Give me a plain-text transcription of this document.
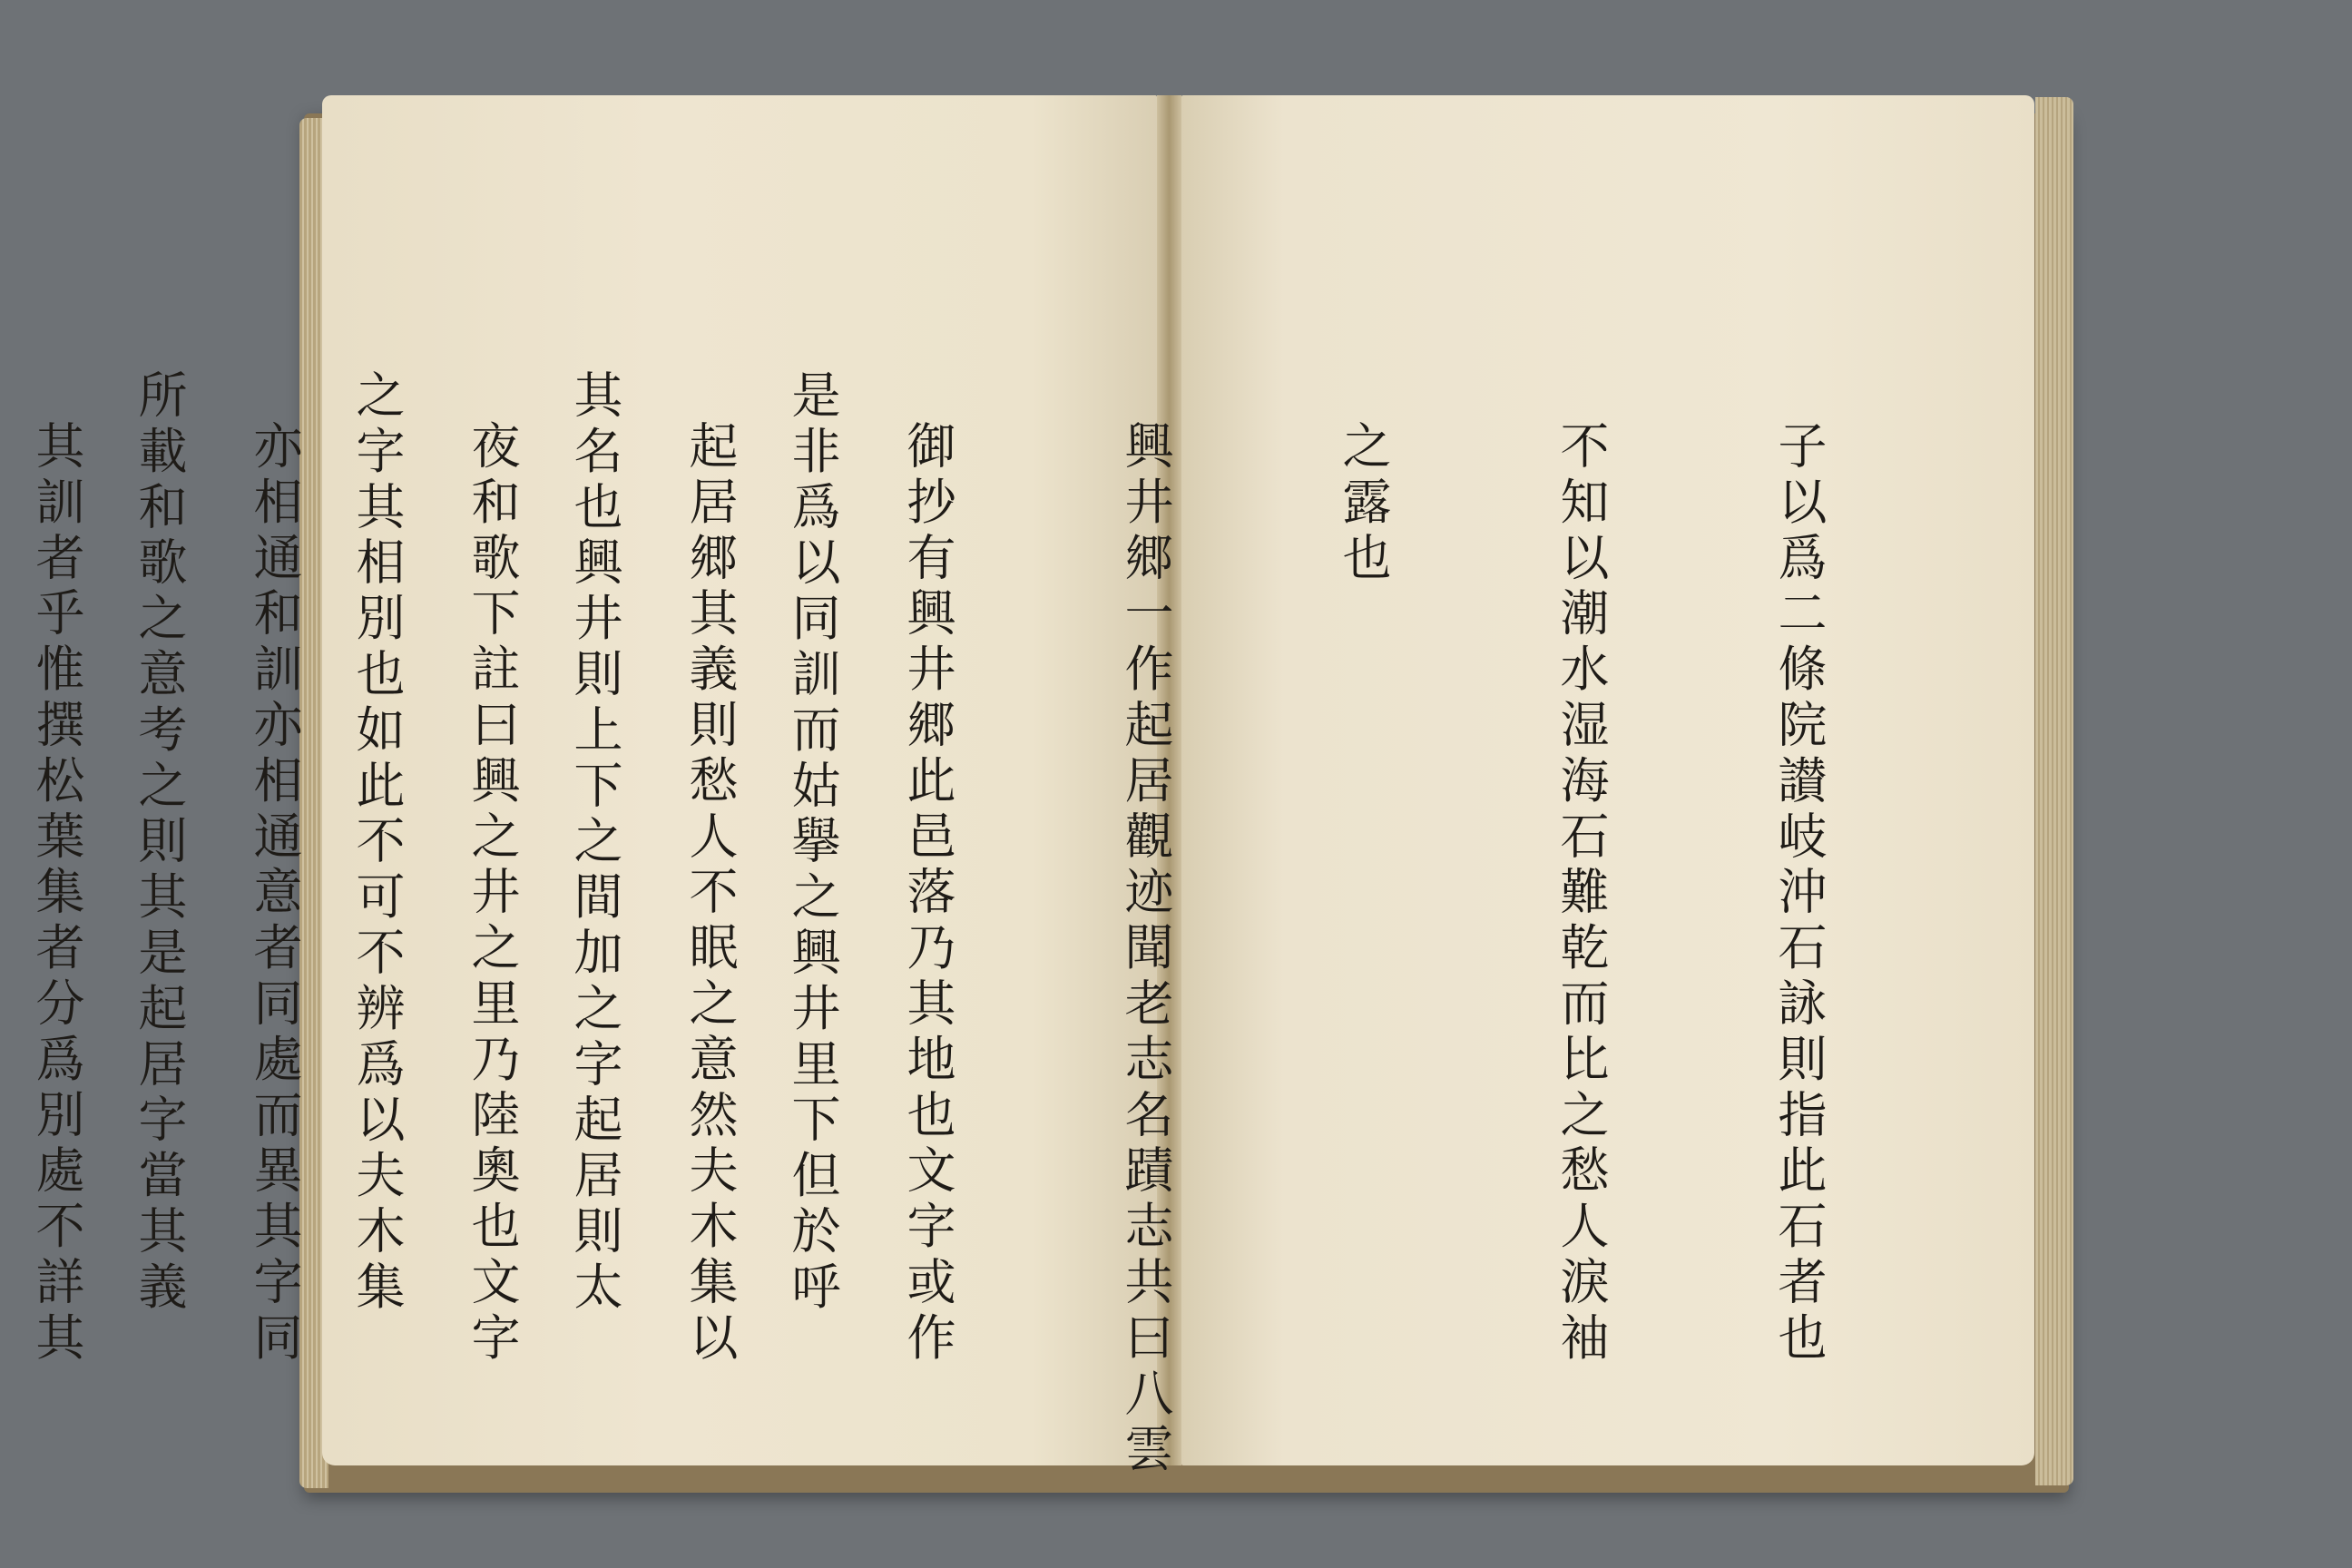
是非爲以同訓而姑擧之興井里下但於呼

其名也興井則上下之間加之字起居則太

之字其相別也如此不可不辨爲以夫木集

所載和歌之意考之則其是起居字當其義

	子以爲二條院讃岐沖石詠則指此石者也

不知以潮水湿海石難乾而比之愁人淚袖

之露也

興井郷一作起居觀迹聞老志名蹟志共曰八雲

御抄有興井郷此邑落乃其地也文字或作

起居郷其義則愁人不眠之意然夫木集以

夜和歌下註曰興之井之里乃陸奧也文字

亦相通和訓亦相通意者同處而異其字同

其訓者乎惟撰松葉集者分爲別處不詳其
